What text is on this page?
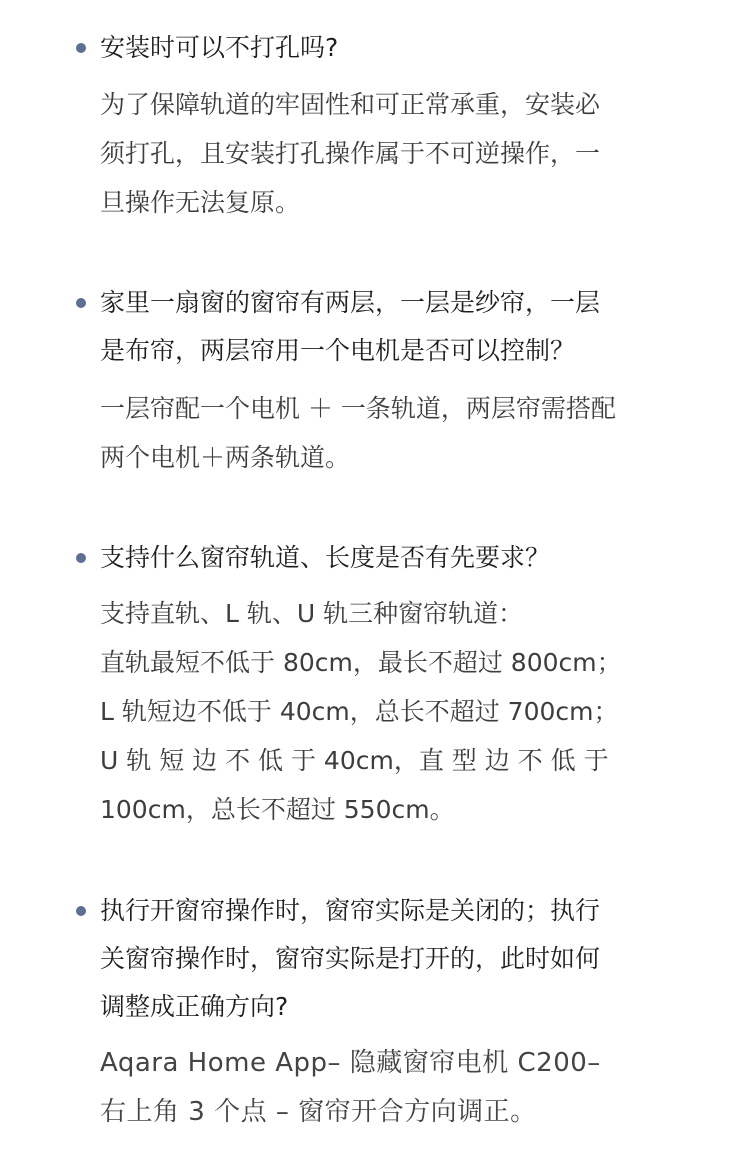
安装时可以不打孔吗?

为了保障轨道的牢固性和可正常承重，安装必
须打孔，且安装打孔操作属于不可逆操作，一
旦操作无法复原。

家里一扇窗的窗帘有两层，一层是纱帘，一层
是布帘，两层帘用一个电机是否可以控制？

一层帘配一个电机 ＋ 一条轨道，两层帘需搭配
两个电机＋两条轨道。

支持什么窗帘轨道、长度是否有先要求？

支持直轨、L 轨、U 轨三种窗帘轨道：
直轨最短不低于 80cm，最长不超过 800cm；
L 轨短边不低于 40cm，总长不超过 700cm；
U 轨 短 边 不 低 于 40cm，直 型 边 不 低 于
100cm，总长不超过 550cm。

执行开窗帘操作时，窗帘实际是关闭的；执行
关窗帘操作时，窗帘实际是打开的，此时如何
调整成正确方向?

Aqara Home App– 隐藏窗帘电机 C200–
右上角 3 个点 – 窗帘开合方向调正。
